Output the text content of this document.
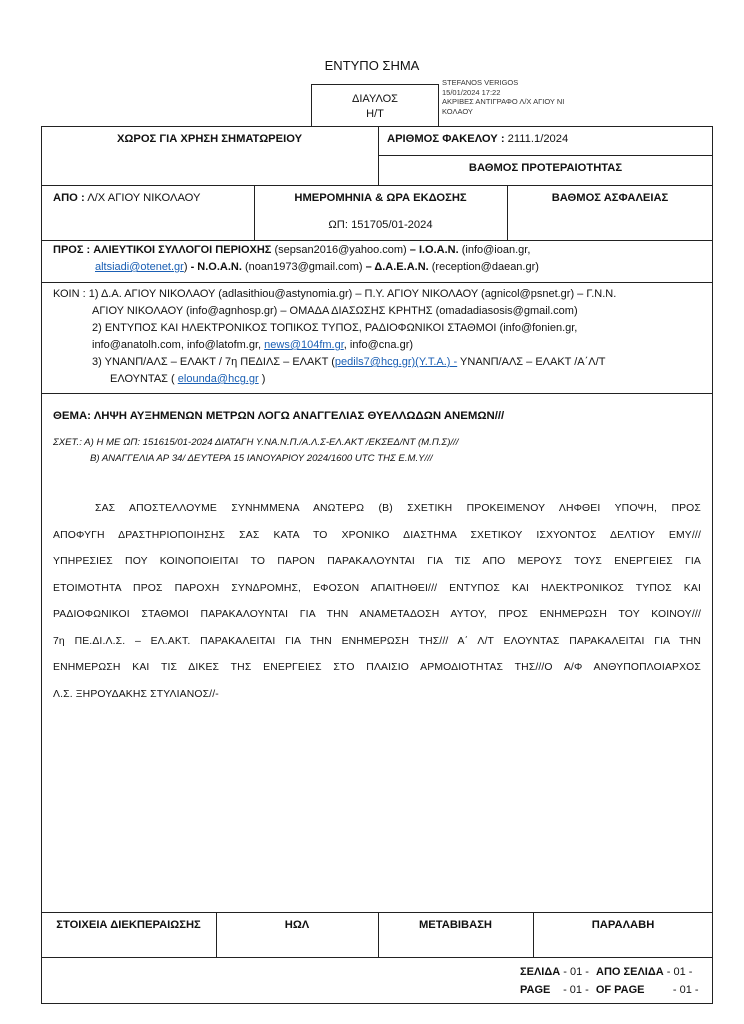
ΕΝΤΥΠΟ ΣΗΜΑ
ΔΙΑΥΛΟΣ
Η/Τ
STEFANOS VERIGOS
15/01/2024 17:22
ΑΚΡΙΒΕΣ ΑΝΤΙΓΡΑΦΟ Λ/Χ ΑΓΙΟΥ ΝΙ
ΚΟΛΑΟΥ
ΧΩΡΟΣ ΓΙΑ ΧΡΗΣΗ ΣΗΜΑΤΩΡΕΙΟΥ	ΑΡΙΘΜΟΣ ΦΑΚΕΛΟΥ : 2111.1/2024
ΒΑΘΜΟΣ ΠΡΟΤΕΡΑΙΟΤΗΤΑΣ
ΑΠΟ : Λ/Χ ΑΓΙΟΥ ΝΙΚΟΛΑΟΥ	ΗΜΕΡΟΜΗΝΙΑ & ΩΡΑ ΕΚΔΟΣΗΣ
ΩΠ: 151705/01-2024
ΒΑΘΜΟΣ ΑΣΦΑΛΕΙΑΣ
ΠΡΟΣ : ΑΛΙΕΥΤΙΚΟΙ ΣΥΛΛΟΓΟΙ ΠΕΡΙΟΧΗΣ (sepsan2016@yahoo.com) – Ι.Ο.Α.Ν. (info@ioan.gr,
altsiadi@otenet.gr) - Ν.Ο.Α.Ν. (noan1973@gmail.com) – Δ.Α.Ε.Α.Ν. (reception@daean.gr)
ΚΟΙΝ : 1) Δ.Α. ΑΓΙΟΥ ΝΙΚΟΛΑΟΥ (adlasithiou@astynomia.gr) – Π.Υ. ΑΓΙΟΥ ΝΙΚΟΛΑΟΥ (agnicol@psnet.gr) – Γ.Ν.Ν.
ΑΓΙΟΥ ΝΙΚΟΛΑΟΥ (info@agnhosp.gr) – ΟΜΑΔΑ ΔΙΑΣΩΣΗΣ ΚΡΗΤΗΣ (omadadiasosis@gmail.com)
2) ΕΝΤΥΠΟΣ ΚΑΙ ΗΛΕΚΤΡΟΝΙΚΟΣ ΤΟΠΙΚΟΣ ΤΥΠΟΣ, ΡΑΔΙΟΦΩΝΙΚΟΙ ΣΤΑΘΜΟΙ (info@fonien.gr,
info@anatolh.com, info@latofm.gr, news@104fm.gr, info@cna.gr)
3) ΥΝΑΝΠ/ΑΛΣ – ΕΛΑΚΤ / 7η ΠΕΔΙΛΣ – ΕΛΑΚΤ (pedils7@hcg.gr)(Υ.Τ.Α.) - ΥΝΑΝΠ/ΑΛΣ – ΕΛΑΚΤ /Α΄Λ/Τ
ΕΛΟΥΝΤΑΣ ( elounda@hcg.gr )
ΘΕΜΑ: ΛΗΨΗ ΑΥΞΗΜΕΝΩΝ ΜΕΤΡΩΝ ΛΟΓΩ ΑΝΑΓΓΕΛΙΑΣ ΘΥΕΛΛΩΔΩΝ ΑΝΕΜΩΝ///
ΣΧΕΤ.: Α) Η ΜΕ ΩΠ: 151615/01-2024 ΔΙΑΤΑΓΗ Υ.ΝΑ.Ν.Π./Α.Λ.Σ-ΕΛ.ΑΚΤ /ΕΚΣΕΔ/ΝΤ (Μ.Π.Σ)///
Β) ΑΝΑΓΓΕΛΙΑ ΑΡ 34/ ΔΕΥΤΕΡΑ 15 ΙΑΝΟΥΑΡΙΟΥ 2024/1600 UTC ΤΗΣ Ε.Μ.Υ///
ΣΑΣ ΑΠΟΣΤΕΛΛΟΥΜΕ ΣΥΝΗΜΜΕΝΑ ΑΝΩΤΕΡΩ (Β) ΣΧΕΤΙΚΗ ΠΡΟΚΕΙΜΕΝΟΥ ΛΗΦΘΕΙ ΥΠΟΨΗ, ΠΡΟΣ
ΑΠΟΦΥΓΗ ΔΡΑΣΤΗΡΙΟΠΟΙΗΣΗΣ ΣΑΣ ΚΑΤΑ ΤΟ ΧΡΟΝΙΚΟ ΔΙΑΣΤΗΜΑ ΣΧΕΤΙΚΟΥ ΙΣΧΥΟΝΤΟΣ ΔΕΛΤΙΟΥ ΕΜΥ///
ΥΠΗΡΕΣΙΕΣ ΠΟΥ ΚΟΙΝΟΠΟΙΕΙΤΑΙ ΤΟ ΠΑΡΟΝ ΠΑΡΑΚΑΛΟΥΝΤΑΙ ΓΙΑ ΤΙΣ ΑΠΟ ΜΕΡΟΥΣ ΤΟΥΣ ΕΝΕΡΓΕΙΕΣ ΓΙΑ
ΕΤΟΙΜΟΤΗΤΑ ΠΡΟΣ ΠΑΡΟΧΗ ΣΥΝΔΡΟΜΗΣ, ΕΦΟΣΟΝ ΑΠΑΙΤΗΘΕΙ/// ΕΝΤΥΠΟΣ ΚΑΙ ΗΛΕΚΤΡΟΝΙΚΟΣ ΤΥΠΟΣ ΚΑΙ
ΡΑΔΙΟΦΩΝΙΚΟΙ ΣΤΑΘΜΟΙ ΠΑΡΑΚΑΛΟΥΝΤΑΙ ΓΙΑ ΤΗΝ ΑΝΑΜΕΤΑΔΟΣΗ ΑΥΤΟΥ, ΠΡΟΣ ΕΝΗΜΕΡΩΣΗ ΤΟΥ ΚΟΙΝΟΥ///
7η ΠΕ.ΔΙ.Λ.Σ. – ΕΛ.ΑΚΤ. ΠΑΡΑΚΑΛΕΙΤΑΙ ΓΙΑ ΤΗΝ ΕΝΗΜΕΡΩΣΗ ΤΗΣ/// Α΄ Λ/Τ ΕΛΟΥΝΤΑΣ ΠΑΡΑΚΑΛΕΙΤΑΙ ΓΙΑ ΤΗΝ
ΕΝΗΜΕΡΩΣΗ ΚΑΙ ΤΙΣ ΔΙΚΕΣ ΤΗΣ ΕΝΕΡΓΕΙΕΣ ΣΤΟ ΠΛΑΙΣΙΟ ΑΡΜΟΔΙΟΤΗΤΑΣ ΤΗΣ///Ο Α/Φ ΑΝΘΥΠΟΠΛΟΙΑΡΧΟΣ
Λ.Σ. ΞΗΡΟΥΔΑΚΗΣ ΣΤΥΛΙΑΝΟΣ//-
ΣΤΟΙΧΕΙΑ ΔΙΕΚΠΕΡΑΙΩΣΗΣ	ΗΩΛ	ΜΕΤΑΒΙΒΑΣΗ	ΠΑΡΑΛΑΒΗ
ΣΕΛΙΔΑ - 01 - ΑΠΟ ΣΕΛΙΔΑ - 01 -
PAGE - 01 - OF PAGE	- 01 -
